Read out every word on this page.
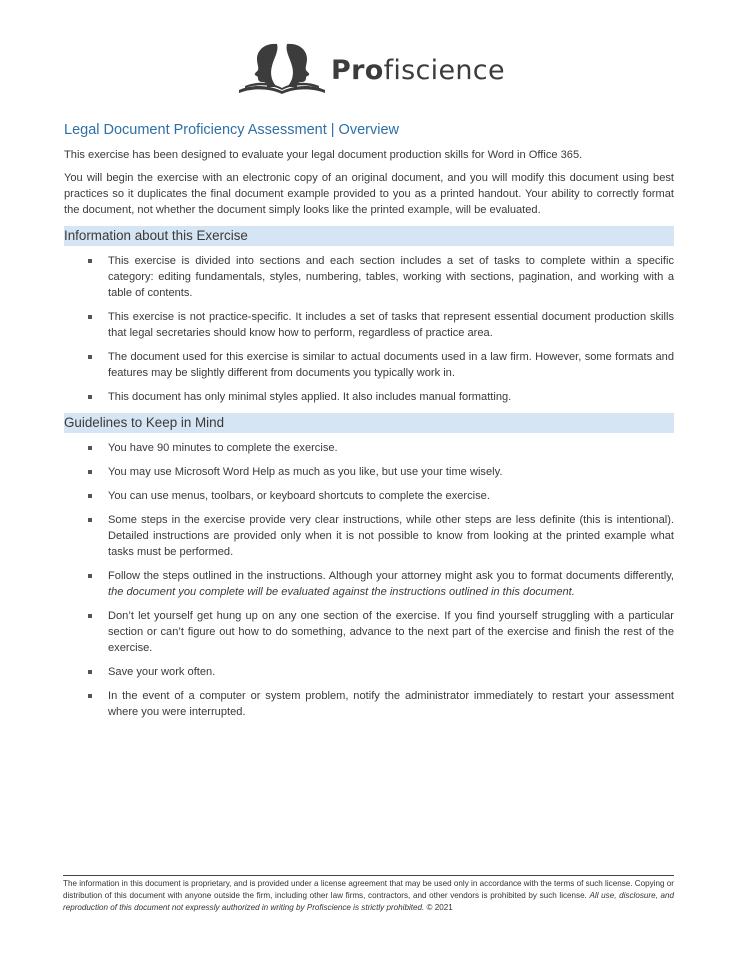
Profiscience
Legal Document Proficiency Assessment | Overview

This exercise has been designed to evaluate your legal document production skills for Word in Office 365.

You will begin the exercise with an electronic copy of an original document, and you will modify this document using best practices so it duplicates the final document example provided to you as a printed handout. Your ability to correctly format the document, not whether the document simply looks like the printed example, will be evaluated.

Information about this Exercise
This exercise is divided into sections and each section includes a set of tasks to complete within a specific category: editing fundamentals, styles, numbering, tables, working with sections, pagination, and working with a table of contents.
This exercise is not practice-specific. It includes a set of tasks that represent essential document production skills that legal secretaries should know how to perform, regardless of practice area.
The document used for this exercise is similar to actual documents used in a law firm. However, some formats and features may be slightly different from documents you typically work in.
This document has only minimal styles applied. It also includes manual formatting.
Guidelines to Keep in Mind
You have 90 minutes to complete the exercise.
You may use Microsoft Word Help as much as you like, but use your time wisely.
You can use menus, toolbars, or keyboard shortcuts to complete the exercise.
Some steps in the exercise provide very clear instructions, while other steps are less definite (this is intentional). Detailed instructions are provided only when it is not possible to know from looking at the printed example what tasks must be performed.
Follow the steps outlined in the instructions. Although your attorney might ask you to format documents differently, the document you complete will be evaluated against the instructions outlined in this document.
Don’t let yourself get hung up on any one section of the exercise. If you find yourself struggling with a particular section or can’t figure out how to do something, advance to the next part of the exercise and finish the rest of the exercise.
Save your work often.
In the event of a computer or system problem, notify the administrator immediately to restart your assessment where you were interrupted.
The information in this document is proprietary, and is provided under a license agreement that may be used only in accordance with the terms of such license. Copying or distribution of this document with anyone outside the firm, including other law firms, contractors, and other vendors is prohibited by such license. All use, disclosure, and reproduction of this document not expressly authorized in writing by Profiscience is strictly prohibited. © 2021
